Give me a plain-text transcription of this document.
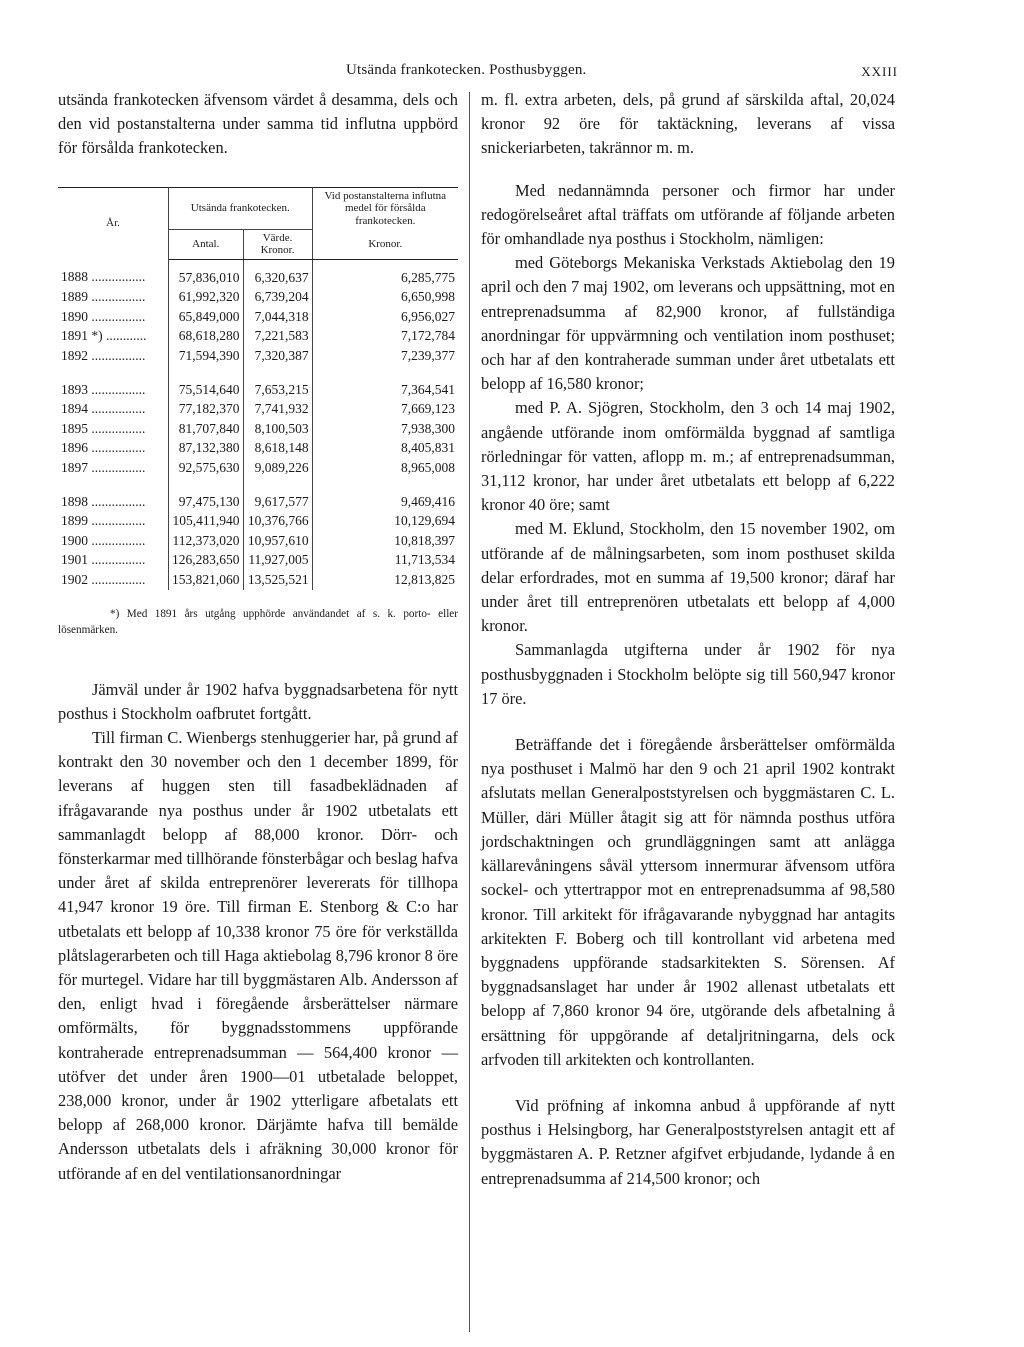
Utsända frankotecken. Posthusbyggen.	XXIII

utsända frankotecken äfvensom värdet å desamma, dels och den vid postanstalterna under samma tid influtna uppbörd för försålda frankotecken.

År.	Utsända frankotecken.		Vid postanstalterna influtna medel för försålda frankotecken.
	Antal.	Värde. Kronor.	Kronor.
1888 ................	57,836,010	6,320,637	6,285,775
1889 ................	61,992,320	6,739,204	6,650,998
1890 ................	65,849,000	7,044,318	6,956,027
1891 *) ............	68,618,280	7,221,583	7,172,784
1892 ................	71,594,390	7,320,387	7,239,377
1893 ................	75,514,640	7,653,215	7,364,541
1894 ................	77,182,370	7,741,932	7,669,123
1895 ................	81,707,840	8,100,503	7,938,300
1896 ................	87,132,380	8,618,148	8,405,831
1897 ................	92,575,630	9,089,226	8,965,008
1898 ................	97,475,130	9,617,577	9,469,416
1899 ................	105,411,940	10,376,766	10,129,694
1900 ................	112,373,020	10,957,610	10,818,397
1901 ................	126,283,650	11,927,005	11,713,534
1902 ................	153,821,060	13,525,521	12,813,825

*) Med 1891 års utgång upphörde användandet af s. k. porto- eller lösenmärken.

Jämväl under år 1902 hafva byggnadsarbetena för nytt posthus i Stockholm oafbrutet fortgått.

Till firman C. Wienbergs stenhuggerier har, på grund af kontrakt den 30 november och den 1 december 1899, för leverans af huggen sten till fasadbeklädnaden af ifrågavarande nya posthus under år 1902 utbetalats ett sammanlagdt belopp af 88,000 kronor. Dörr- och fönsterkarmar med tillhörande fönsterbågar och beslag hafva under året af skilda entreprenörer levererats för tillhopa 41,947 kronor 19 öre. Till firman E. Stenborg & C:o har utbetalats ett belopp af 10,338 kronor 75 öre för verkställda plåtslagerarbeten och till Haga aktiebolag 8,796 kronor 8 öre för murtegel. Vidare har till byggmästaren Alb. Andersson af den, enligt hvad i föregående årsberättelser närmare omförmälts, för byggnadsstommens uppförande kontraherade entreprenadsumman — 564,400 kronor — utöfver det under åren 1900—01 utbetalade beloppet, 238,000 kronor, under år 1902 ytterligare afbetalats ett belopp af 268,000 kronor. Därjämte hafva till bemälde Andersson utbetalats dels i afräkning 30,000 kronor för utförande af en del ventilationsanordningar

m. fl. extra arbeten, dels, på grund af särskilda aftal, 20,024 kronor 92 öre för taktäckning, leverans af vissa snickeriarbeten, takrännor m. m.

Med nedannämnda personer och firmor har under redogörelseåret aftal träffats om utförande af följande arbeten för omhandlade nya posthus i Stockholm, nämligen:

med Göteborgs Mekaniska Verkstads Aktiebolag den 19 april och den 7 maj 1902, om leverans och uppsättning, mot en entreprenadsumma af 82,900 kronor, af fullständiga anordningar för uppvärmning och ventilation inom posthuset; och har af den kontraherade summan under året utbetalats ett belopp af 16,580 kronor;

med P. A. Sjögren, Stockholm, den 3 och 14 maj 1902, angående utförande inom omförmälda byggnad af samtliga rörledningar för vatten, aflopp m. m.; af entreprenadsumman, 31,112 kronor, har under året utbetalats ett belopp af 6,222 kronor 40 öre; samt

med M. Eklund, Stockholm, den 15 november 1902, om utförande af de målningsarbeten, som inom posthuset skilda delar erfordrades, mot en summa af 19,500 kronor; däraf har under året till entreprenören utbetalats ett belopp af 4,000 kronor.

Sammanlagda utgifterna under år 1902 för nya posthusbyggnaden i Stockholm belöpte sig till 560,947 kronor 17 öre.

Beträffande det i föregående årsberättelser omförmälda nya posthuset i Malmö har den 9 och 21 april 1902 kontrakt afslutats mellan Generalpoststyrelsen och byggmästaren C. L. Müller, däri Müller åtagit sig att för nämnda posthus utföra jordschaktningen och grundläggningen samt att anlägga källarevåningens såväl yttersom innermurar äfvensom utföra sockel- och yttertrappor mot en entreprenadsumma af 98,580 kronor. Till arkitekt för ifrågavarande nybyggnad har antagits arkitekten F. Boberg och till kontrollant vid arbetena med byggnadens uppförande stadsarkitekten S. Sörensen. Af byggnadsanslaget har under år 1902 allenast utbetalats ett belopp af 7,860 kronor 94 öre, utgörande dels afbetalning å ersättning för uppgörande af detaljritningarna, dels ock arfvoden till arkitekten och kontrollanten.

Vid pröfning af inkomna anbud å uppförande af nytt posthus i Helsingborg, har Generalpoststyrelsen antagit ett af byggmästaren A. P. Retzner afgifvet erbjudande, lydande å en entreprenadsumma af 214,500 kronor; och
